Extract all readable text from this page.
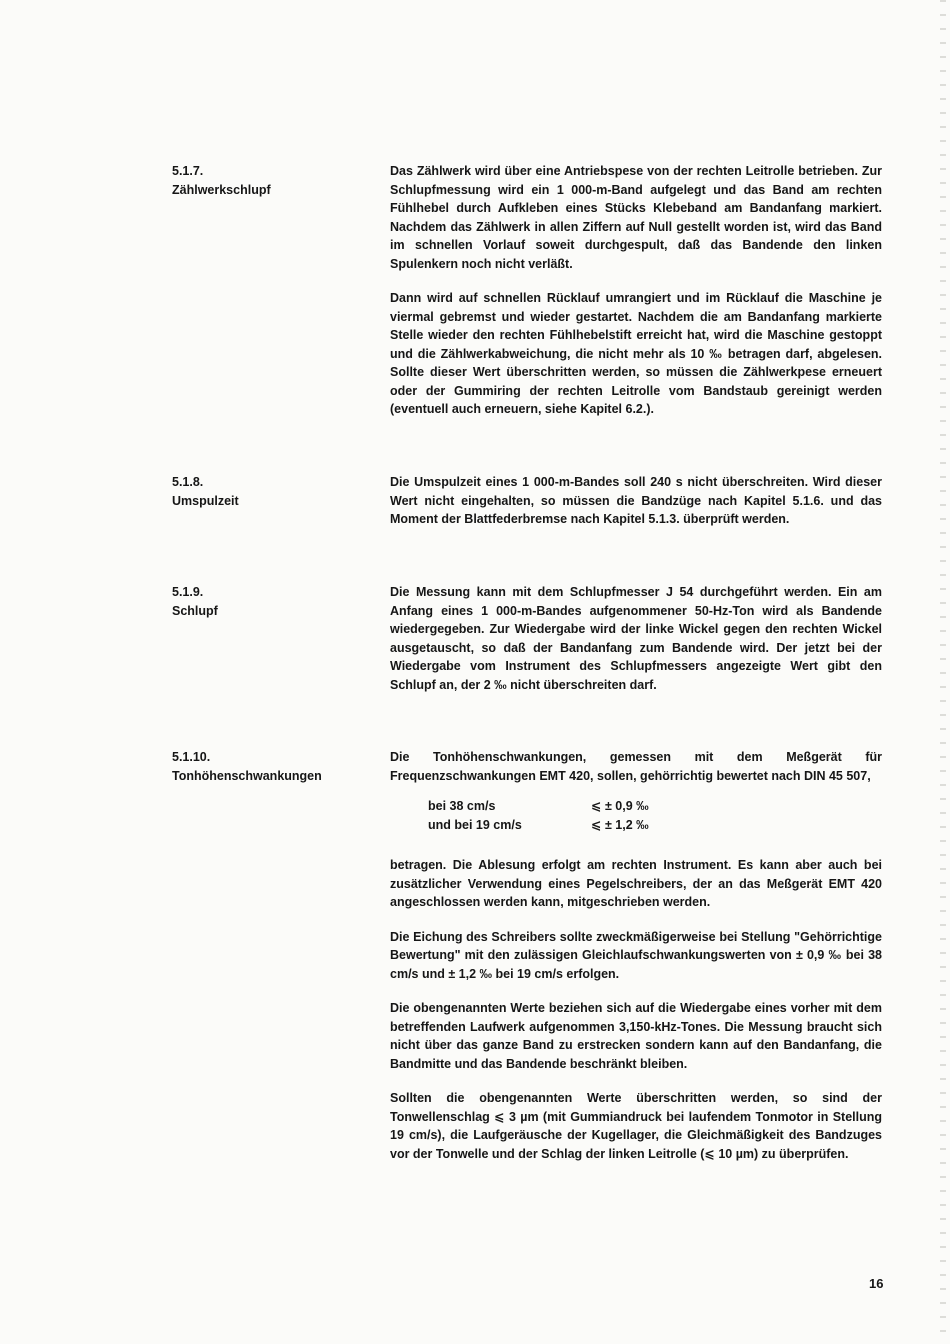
5.1.7.
Zählwerkschlupf

Das Zählwerk wird über eine Antriebspese von der rechten Leitrolle betrieben. Zur Schlupfmessung wird ein 1 000-m-Band aufgelegt und das Band am rechten Fühlhebel durch Aufkleben eines Stücks Klebeband am Bandanfang markiert. Nachdem das Zählwerk in allen Ziffern auf Null gestellt worden ist, wird das Band im schnellen Vorlauf soweit durchgespult, daß das Bandende den linken Spulenkern noch nicht verläßt.

Dann wird auf schnellen Rücklauf umrangiert und im Rücklauf die Maschine je viermal gebremst und wieder gestartet. Nachdem die am Bandanfang markierte Stelle wieder den rechten Fühlhebelstift erreicht hat, wird die Maschine gestoppt und die Zählwerkabweichung, die nicht mehr als 10 ‰ betragen darf, abgelesen. Sollte dieser Wert überschritten werden, so müssen die Zählwerkpese erneuert oder der Gummiring der rechten Leitrolle vom Bandstaub gereinigt werden (eventuell auch erneuern, siehe Kapitel 6.2.).

5.1.8.
Umspulzeit

Die Umspulzeit eines 1 000-m-Bandes soll 240 s nicht überschreiten. Wird dieser Wert nicht eingehalten, so müssen die Bandzüge nach Kapitel 5.1.6. und das Moment der Blattfederbremse nach Kapitel 5.1.3. überprüft werden.

5.1.9.
Schlupf

Die Messung kann mit dem Schlupfmesser J 54 durchgeführt werden. Ein am Anfang eines 1 000-m-Bandes aufgenommener 50-Hz-Ton wird als Bandende wiedergegeben. Zur Wiedergabe wird der linke Wickel gegen den rechten Wickel ausgetauscht, so daß der Bandanfang zum Bandende wird. Der jetzt bei der Wiedergabe vom Instrument des Schlupfmessers angezeigte Wert gibt den Schlupf an, der 2 ‰ nicht überschreiten darf.

5.1.10.
Tonhöhenschwankungen

Die Tonhöhenschwankungen, gemessen mit dem Meßgerät für Frequenzschwankungen EMT 420, sollen, gehörrichtig bewertet nach DIN 45 507,

bei 38 cm/s	⩽ ± 0,9 ‰
und bei 19 cm/s	⩽ ± 1,2 ‰

betragen. Die Ablesung erfolgt am rechten Instrument. Es kann aber auch bei zusätzlicher Verwendung eines Pegelschreibers, der an das Meßgerät EMT 420 angeschlossen werden kann, mitgeschrieben werden.

Die Eichung des Schreibers sollte zweckmäßigerweise bei Stellung "Gehörrichtige Bewertung" mit den zulässigen Gleichlaufschwankungswerten von ± 0,9 ‰ bei 38 cm/s und ± 1,2 ‰ bei 19 cm/s erfolgen.

Die obengenannten Werte beziehen sich auf die Wiedergabe eines vorher mit dem betreffenden Laufwerk aufgenommen 3,150-kHz-Tones. Die Messung braucht sich nicht über das ganze Band zu erstrecken sondern kann auf den Bandanfang, die Bandmitte und das Bandende beschränkt bleiben.

Sollten die obengenannten Werte überschritten werden, so sind der Tonwellenschlag ⩽ 3 µm (mit Gummiandruck bei laufendem Tonmotor in Stellung 19 cm/s), die Laufgeräusche der Kugellager, die Gleichmäßigkeit des Bandzuges vor der Tonwelle und der Schlag der linken Leitrolle (⩽ 10 µm) zu überprüfen.

16
